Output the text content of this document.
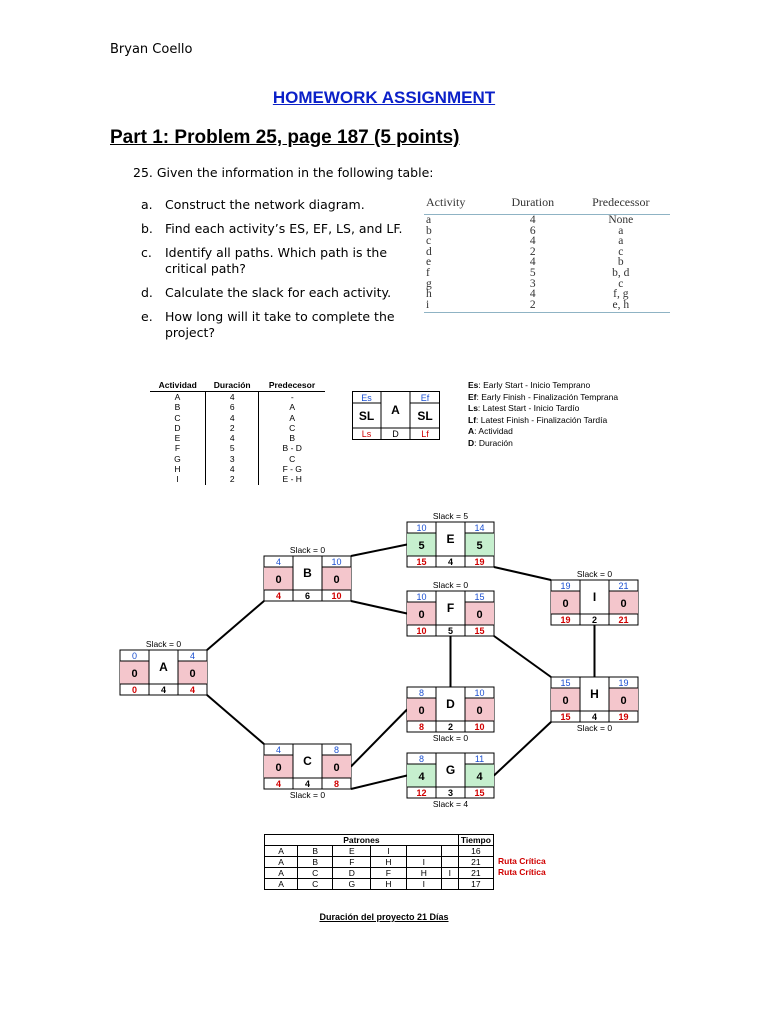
Bryan Coello
HOMEWORK ASSIGNMENT
Part 1: Problem 25, page 187 (5 points)
25. Given the information in the following table:
a. Construct the network diagram.
b. Find each activity’s ES, EF, LS, and LF.
c.	Identify all paths. Which path is the critical path?
d. Calculate the slack for each activity.
e. How long will it take to complete the project?
Activity	Duration	Predecessor
a	4	None
b	6	a
c	4	a
d	2	c
e	4	b
f	5	b, d
g	3	c
h	4	f, g
i	2	e, h
Actividad	Duración	Predecesor
A	4	-
B	6	A
C	4	A
D	2	C
E	4	B
F	5	B - D
G	3	C
H	4	F - G
I	2	E - H
Es	Ef
SL A SL
Ls D Lf
Es: Early Start - Inicio Temprano
Ef: Early Finish - Finalización Temprana
Ls: Latest Start - Inicio Tardío
Lf: Latest Finish - Finalización Tardía
A: Actividad
D: Duración
0	4
0 A 0
0	4	4
Slack = 0
4	10
0 B 0
4	6 10
Slack = 0
4	8
0 C 0
4	4	8
Slack = 0
10	14
5 E 5
15 4 19
Slack = 5
10	15
0 F 0
10 5 15
Slack = 0
8	10
0 D 0
8	2 10
Slack = 0
8	11
4 G 4
12 3 15
Slack = 4
19	21
0 I 0
19 2 21
Slack = 0
15	19
0 H 0
15 4 19
Slack = 0
Patrones						Tiempo
A	B	E	I			16
A	B	F	H	I		21
A	C	D	F	H	I	21
A	C	G	H	I		17
Ruta Crítica
Ruta Crítica
Duración del proyecto 21 Días
